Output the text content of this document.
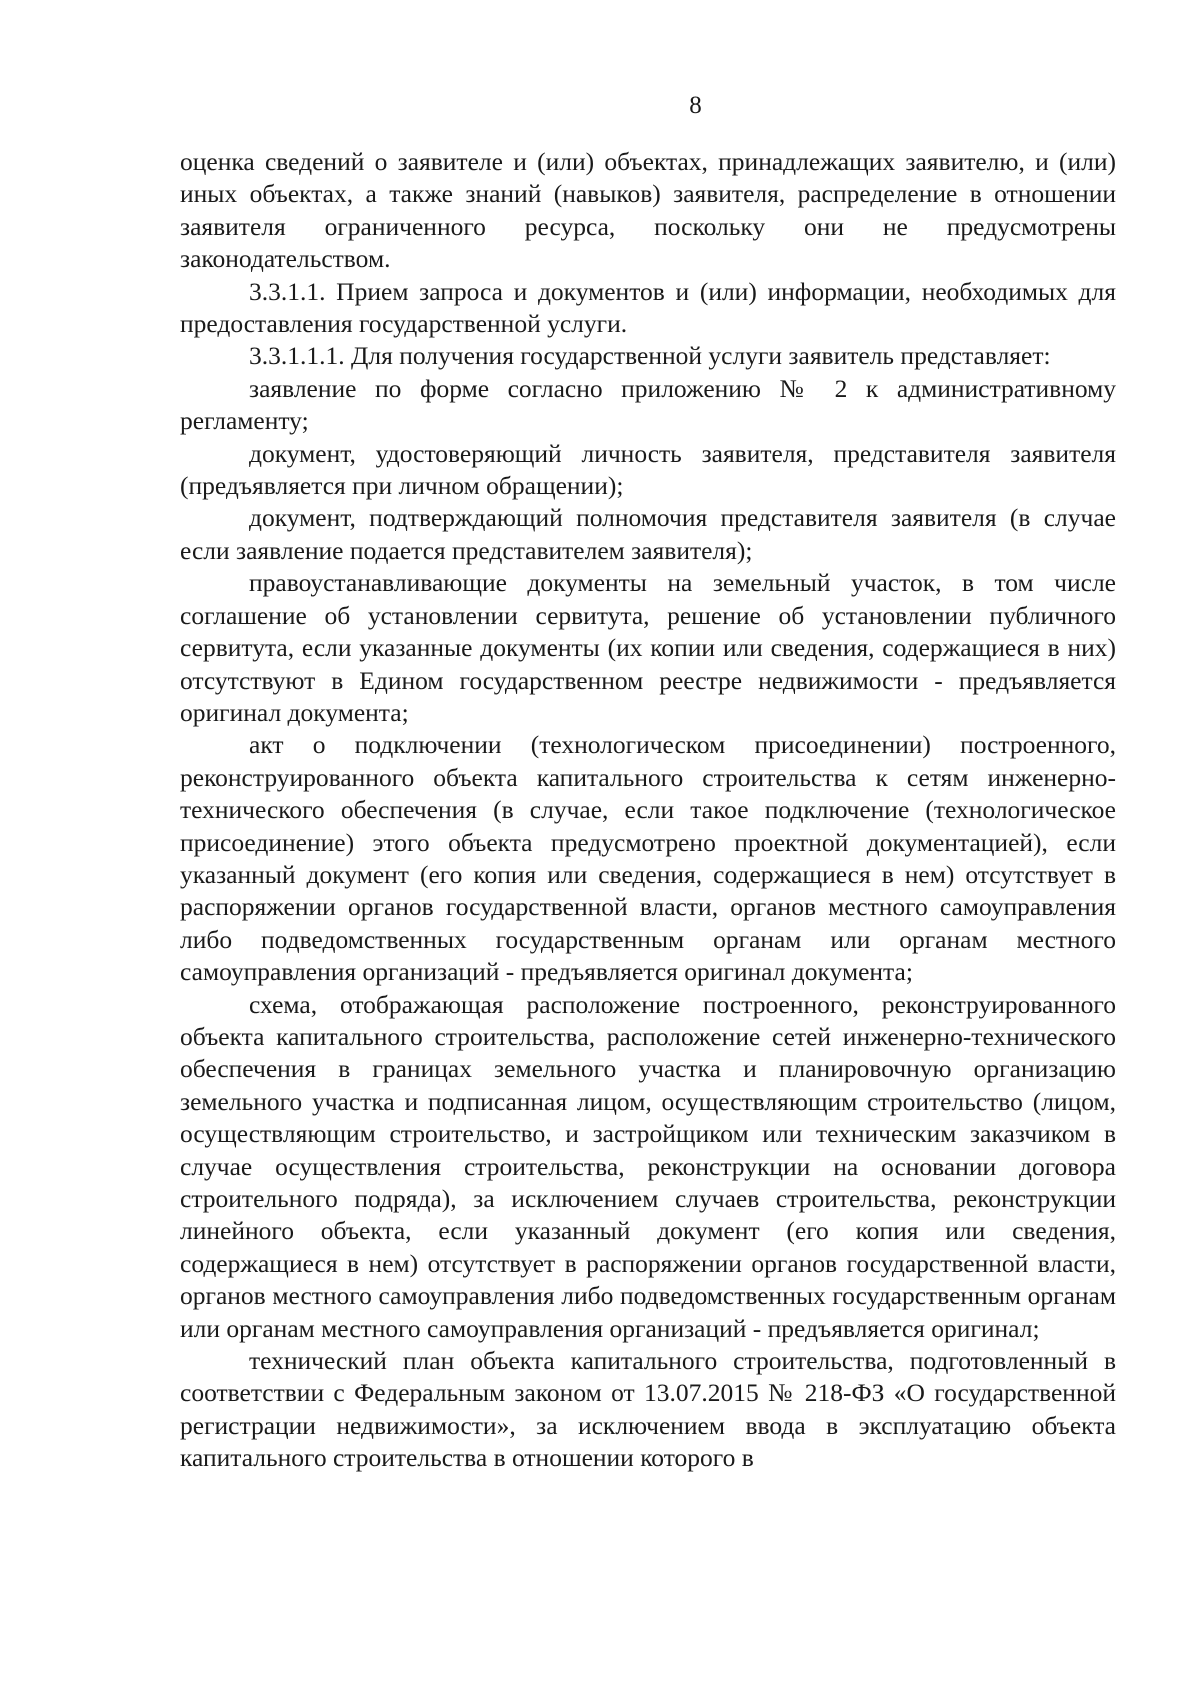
8

оценка сведений о заявителе и (или) объектах, принадлежащих заявителю, и (или) иных объектах, а также знаний (навыков) заявителя, распределение в отношении заявителя ограниченного ресурса, поскольку они не предусмотрены законодательством.

3.3.1.1. Прием запроса и документов и (или) информации, необходимых для предоставления государственной услуги.

3.3.1.1.1. Для получения государственной услуги заявитель представляет:

заявление по форме согласно приложению № 2 к административному регламенту;

документ, удостоверяющий личность заявителя, представителя заявителя (предъявляется при личном обращении);

документ, подтверждающий полномочия представителя заявителя (в случае если заявление подается представителем заявителя);

правоустанавливающие документы на земельный участок, в том числе соглашение об установлении сервитута, решение об установлении публичного сервитута, если указанные документы (их копии или сведения, содержащиеся в них) отсутствуют в Едином государственном реестре недвижимости - предъявляется оригинал документа;

акт о подключении (технологическом присоединении) построенного, реконструированного объекта капитального строительства к сетям инженерно-технического обеспечения (в случае, если такое подключение (технологическое присоединение) этого объекта предусмотрено проектной документацией), если указанный документ (его копия или сведения, содержащиеся в нем) отсутствует в распоряжении органов государственной власти, органов местного самоуправления либо подведомственных государственным органам или органам местного самоуправления организаций - предъявляется оригинал документа;

схема, отображающая расположение построенного, реконструированного объекта капитального строительства, расположение сетей инженерно-технического обеспечения в границах земельного участка и планировочную организацию земельного участка и подписанная лицом, осуществляющим строительство (лицом, осуществляющим строительство, и застройщиком или техническим заказчиком в случае осуществления строительства, реконструкции на основании договора строительного подряда), за исключением случаев строительства, реконструкции линейного объекта, если указанный документ (его копия или сведения, содержащиеся в нем) отсутствует в распоряжении органов государственной власти, органов местного самоуправления либо подведомственных государственным органам или органам местного самоуправления организаций - предъявляется оригинал;

технический план объекта капитального строительства, подготовленный в соответствии с Федеральным законом от 13.07.2015 № 218-ФЗ «О государственной регистрации недвижимости», за исключением ввода в эксплуатацию объекта капитального строительства в отношении которого в
